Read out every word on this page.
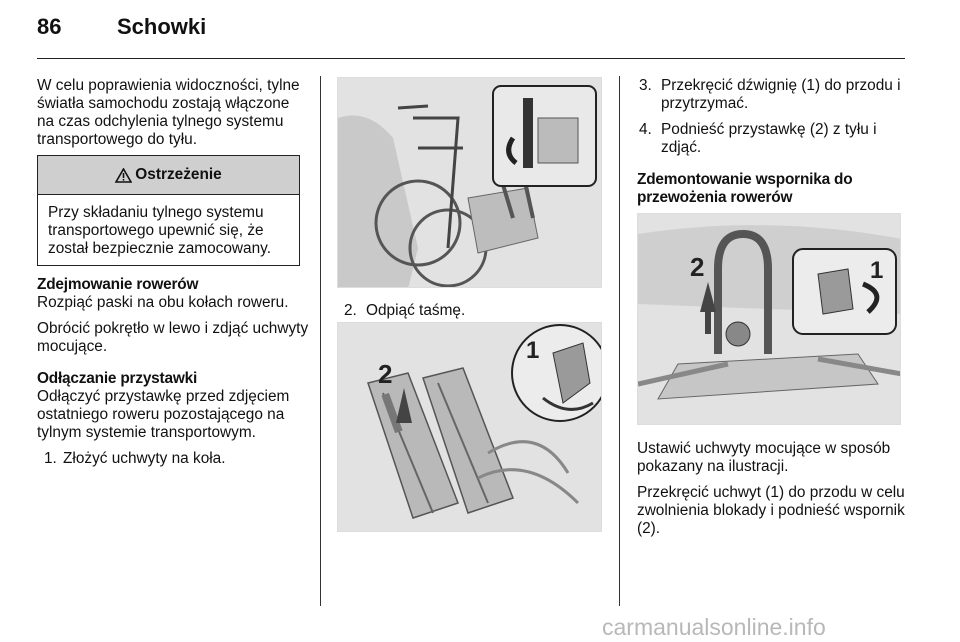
86	Schowki

W celu poprawienia widoczności, tylne światła samochodu zostają włączone na czas odchylenia tylnego systemu transportowego do tyłu.

Ostrzeżenie
Przy składaniu tylnego systemu transportowego upewnić się, że został bezpiecznie zamocowany.

Zdejmowanie rowerów

Rozpiąć paski na obu kołach roweru.

Obrócić pokrętło w lewo i zdjąć uchwyty mocujące.

Odłączanie przystawki

Odłączyć przystawkę przed zdjęciem ostatniego roweru pozostającego na tylnym systemie transportowym.

1. Złożyć uchwyty na koła.
2. Odpiąć taśmę.
2
1
3. Przekręcić dźwignię (1) do przodu i przytrzymać.
4. Podnieść przystawkę (2) z tyłu i zdjąć.

Zdemontowanie wspornika do przewożenia rowerów

2	1

Ustawić uchwyty mocujące w sposób pokazany na ilustracji.

Przekręcić uchwyt (1) do przodu w celu zwolnienia blokady i podnieść wspornik (2).

carmanualsonline.info
